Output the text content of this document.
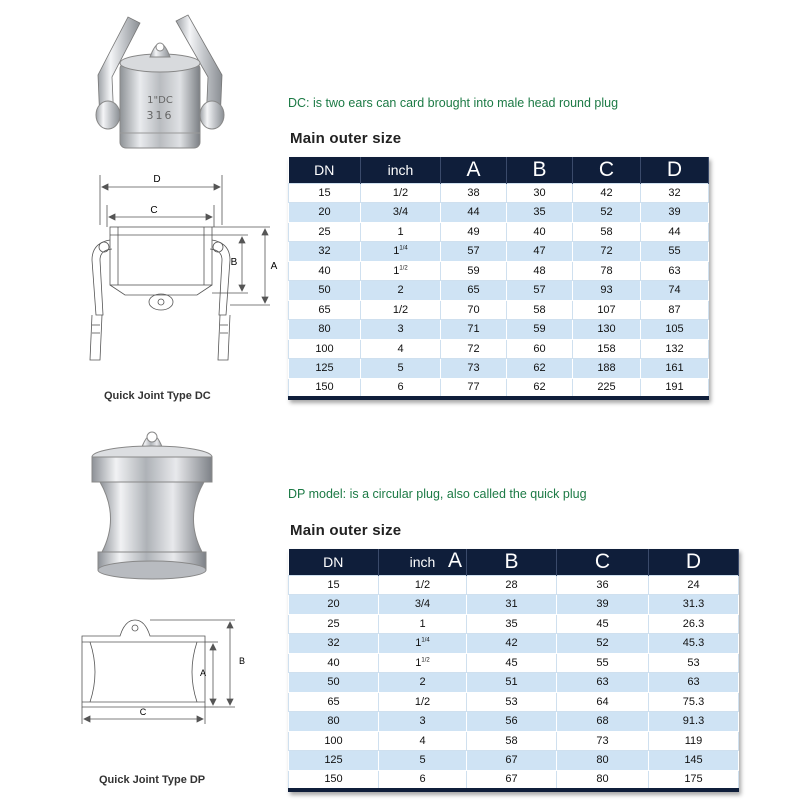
1"DC
316
D
C
B	A
Quick Joint Type DC
DC: is two ears can card brought into male head round plug
Main outer size
DN	inch	A	B	C	D
15	1/2	38	30	42	32
20	3/4	44	35	52	39
25	1	49	40	58	44
32	$1^{1/4}$	57	47	72	55
40	$1^{1/2}$	59	48	78	63
50	2	65	57	93	74
65	1/2	70	58	107	87
80	3	71	59	130	105
100	4	72	60	158	132
125	5	73	62	188	161
150	6	77	62	225	191
C
A
B
Quick Joint Type DP
DP model: is a circular plug, also called the quick plug
Main outer size
DN	inch A	B	C	D
15	1/2	28	36	24
20	3/4	31	39	31.3
25	1	35	45	26.3
32	$1^{1/4}$	42	52	45.3
40	$1^{1/2}$	45	55	53
50	2	51	63	63
65	1/2	53	64	75.3
80	3	56	68	91.3
100	4	58	73	119
125	5	67	80	145
150	6	67	80	175
